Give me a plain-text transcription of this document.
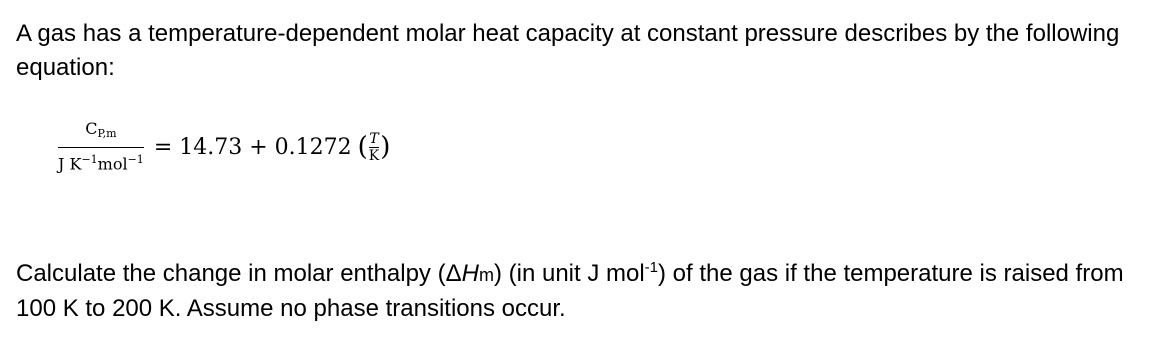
A gas has a temperature-dependent molar heat capacity at constant pressure describes by the following equation:
$\frac{C_{P,m}}{J K^{-1}mol^{-1}} = 14.73 + 0.1272$ ( T
K )
Calculate the change in molar enthalpy (ΔHm) (in unit J mol$^{-1}$) of the gas if the temperature is raised from 100 K to 200 K. Assume no phase transitions occur.
